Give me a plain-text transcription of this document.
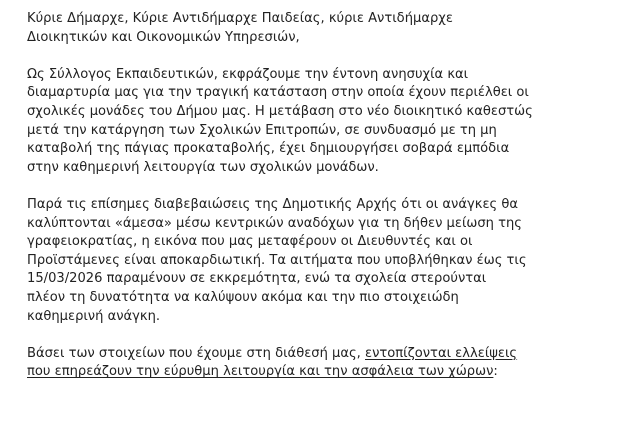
Κύριε Δήμαρχε, Κύριε Αντιδήμαρχε Παιδείας, κύριε Αντιδήμαρχε
Διοικητικών και Οικονομικών Υπηρεσιών,

Ως Σύλλογος Εκπαιδευτικών, εκφράζουμε την έντονη ανησυχία και
διαμαρτυρία μας για την τραγική κατάσταση στην οποία έχουν περιέλθει οι
σχολικές μονάδες του Δήμου μας. Η μετάβαση στο νέο διοικητικό καθεστώς
μετά την κατάργηση των Σχολικών Επιτροπών, σε συνδυασμό με τη μη
καταβολή της πάγιας προκαταβολής, έχει δημιουργήσει σοβαρά εμπόδια
στην καθημερινή λειτουργία των σχολικών μονάδων.

Παρά τις επίσημες διαβεβαιώσεις της Δημοτικής Αρχής ότι οι ανάγκες θα
καλύπτονται «άμεσα» μέσω κεντρικών αναδόχων για τη δήθεν μείωση της
γραφειοκρατίας, η εικόνα που μας μεταφέρουν οι Διευθυντές και οι
Προϊστάμενες είναι αποκαρδιωτική. Τα αιτήματα που υποβλήθηκαν έως τις
15/03/2026 παραμένουν σε εκκρεμότητα, ενώ τα σχολεία στερούνται
πλέον τη δυνατότητα να καλύψουν ακόμα και την πιο στοιχειώδη
καθημερινή ανάγκη.

Βάσει των στοιχείων που έχουμε στη διάθεσή μας, εντοπίζονται ελλείψεις
που επηρεάζουν την εύρυθμη λειτουργία και την ασφάλεια των χώρων:
